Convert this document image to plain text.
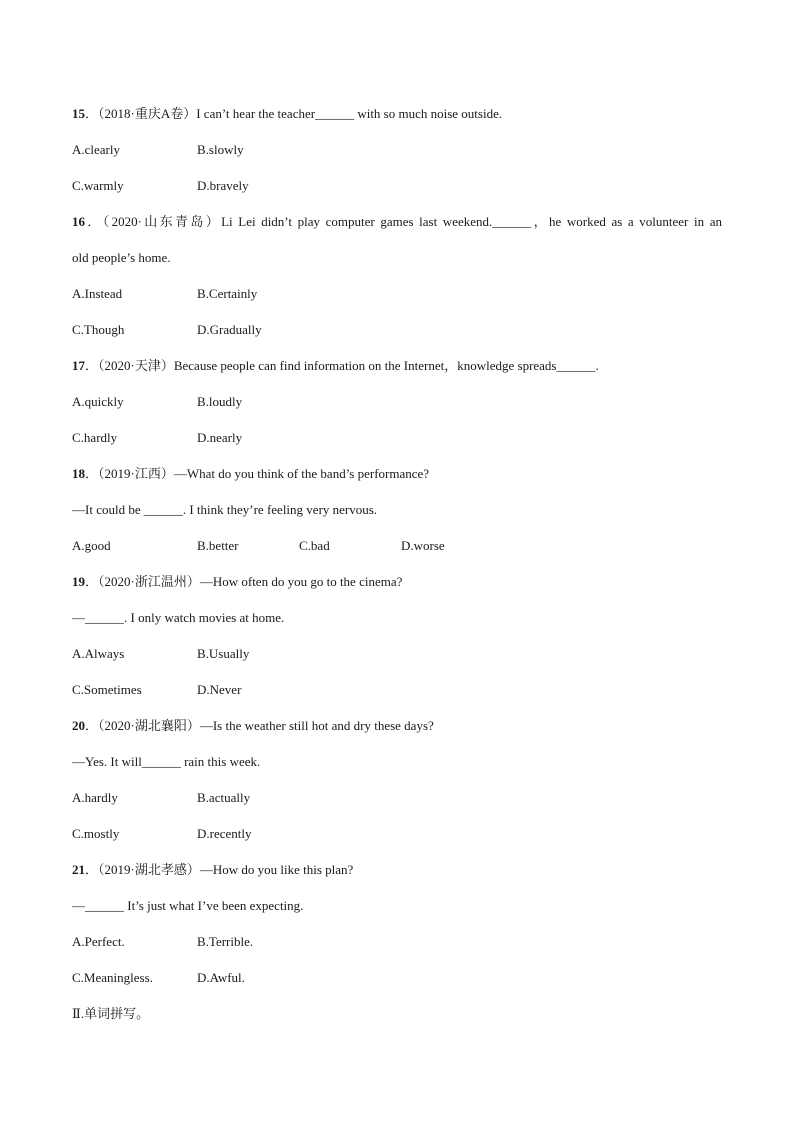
15．（2018·重庆A卷）I can’t hear the teacher______ with so much noise outside.
A.clearly	B.slowly
C.warmly	D.bravely
16．（2020·山东青岛）Li Lei didn’t play computer games last weekend.______，he worked as a volunteer in an
old people’s home.
A.Instead	B.Certainly
C.Though	D.Gradually
17．（2020·天津）Because people can find information on the Internet，knowledge spreads______.
A.quickly	B.loudly
C.hardly	D.nearly
18．（2019·江西）—What do you think of the band’s performance?
—It could be ______. I think they’re feeling very nervous.
A.good	B.better	C.bad	D.worse
19．（2020·浙江温州）—How often do you go to the cinema?
—______. I only watch movies at home.
A.Always	B.Usually
C.Sometimes	D.Never
20．（2020·湖北襄阳）—Is the weather still hot and dry these days?
—Yes. It will______ rain this week.
A.hardly	B.actually
C.mostly	D.recently
21．（2019·湖北孝感）—How do you like this plan?
—______ It’s just what I’ve been expecting.
A.Perfect.	B.Terrible.
C.Meaningless.	D.Awful.
Ⅱ.单词拼写。
